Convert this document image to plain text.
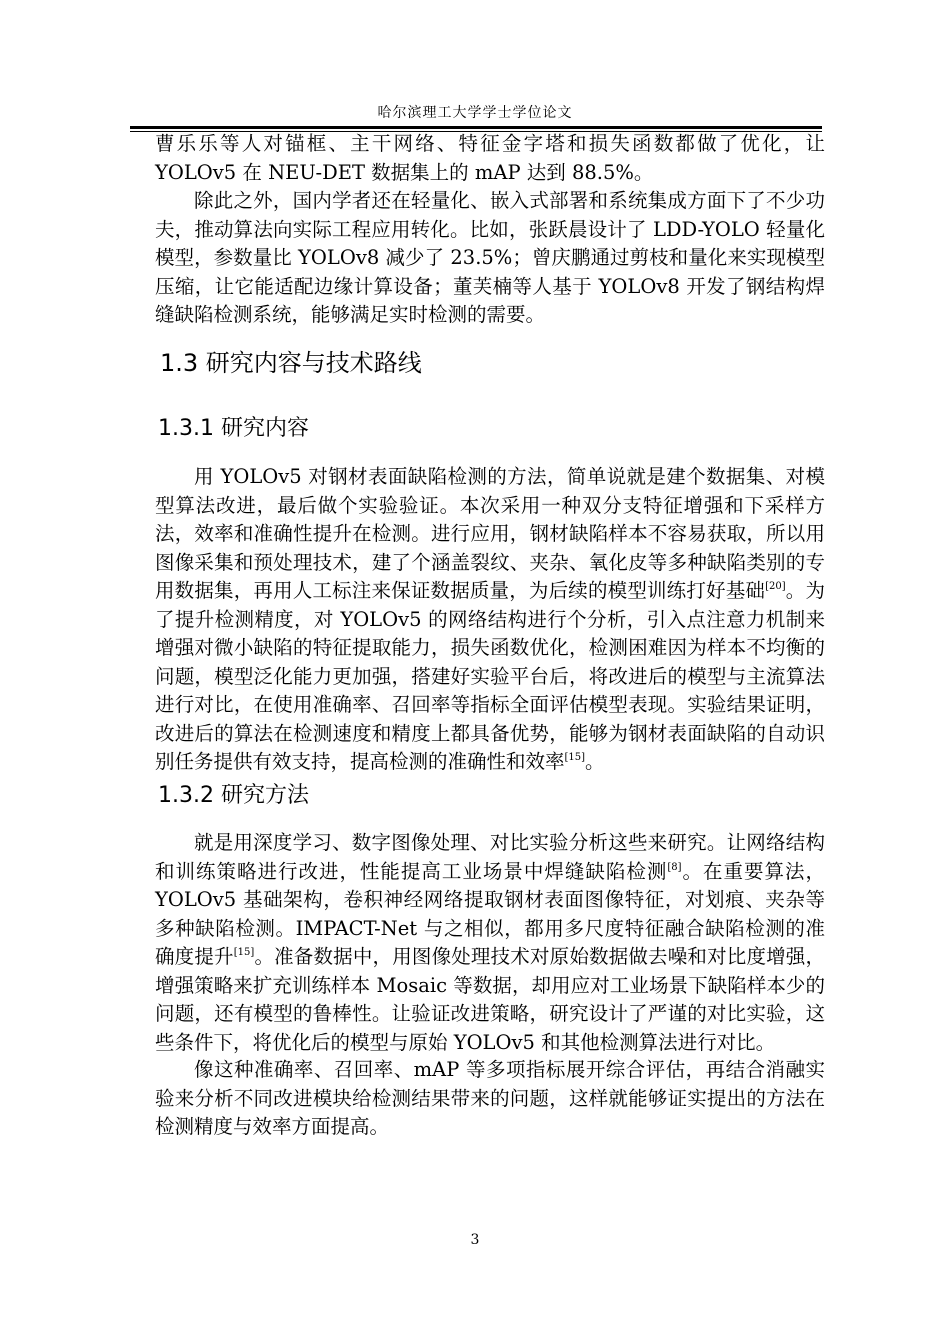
哈尔滨理工大学学士学位论文

曹乐乐等人对锚框、主干网络、特征金字塔和损失函数都做了优化，让 YOLOv5 在 NEU-DET 数据集上的 mAP 达到 88.5%。

除此之外，国内学者还在轻量化、嵌入式部署和系统集成方面下了不少功夫，推动算法向实际工程应用转化。比如，张跃晨设计了 LDD-YOLO 轻量化模型，参数量比 YOLOv8 减少了 23.5%；曾庆鹏通过剪枝和量化来实现模型压缩，让它能适配边缘计算设备；董芙楠等人基于 YOLOv8 开发了钢结构焊缝缺陷检测系统，能够满足实时检测的需要。

1.3 研究内容与技术路线
1.3.1 研究内容

用 YOLOv5 对钢材表面缺陷检测的方法，简单说就是建个数据集、对模型算法改进，最后做个实验验证。本次采用一种双分支特征增强和下采样方法，效率和准确性提升在检测。进行应用，钢材缺陷样本不容易获取，所以用图像采集和预处理技术，建了个涵盖裂纹、夹杂、氧化皮等多种缺陷类别的专用数据集，再用人工标注来保证数据质量，为后续的模型训练打好基础[20]。为了提升检测精度，对 YOLOv5 的网络结构进行个分析，引入点注意力机制来增强对微小缺陷的特征提取能力，损失函数优化，检测困难因为样本不均衡的问题，模型泛化能力更加强，搭建好实验平台后，将改进后的模型与主流算法进行对比，在使用准确率、召回率等指标全面评估模型表现。实验结果证明，改进后的算法在检测速度和精度上都具备优势，能够为钢材表面缺陷的自动识别任务提供有效支持，提高检测的准确性和效率[15]。

1.3.2 研究方法

就是用深度学习、数字图像处理、对比实验分析这些来研究。让网络结构和训练策略进行改进，性能提高工业场景中焊缝缺陷检测[8]。在重要算法，YOLOv5 基础架构，卷积神经网络提取钢材表面图像特征，对划痕、夹杂等多种缺陷检测。IMPACT-Net 与之相似，都用多尺度特征融合缺陷检测的准确度提升[15]。准备数据中，用图像处理技术对原始数据做去噪和对比度增强，增强策略来扩充训练样本 Mosaic 等数据，却用应对工业场景下缺陷样本少的问题，还有模型的鲁棒性。让验证改进策略，研究设计了严谨的对比实验，这些条件下，将优化后的模型与原始 YOLOv5 和其他检测算法进行对比。

像这种准确率、召回率、mAP 等多项指标展开综合评估，再结合消融实验来分析不同改进模块给检测结果带来的问题，这样就能够证实提出的方法在检测精度与效率方面提高。

3
